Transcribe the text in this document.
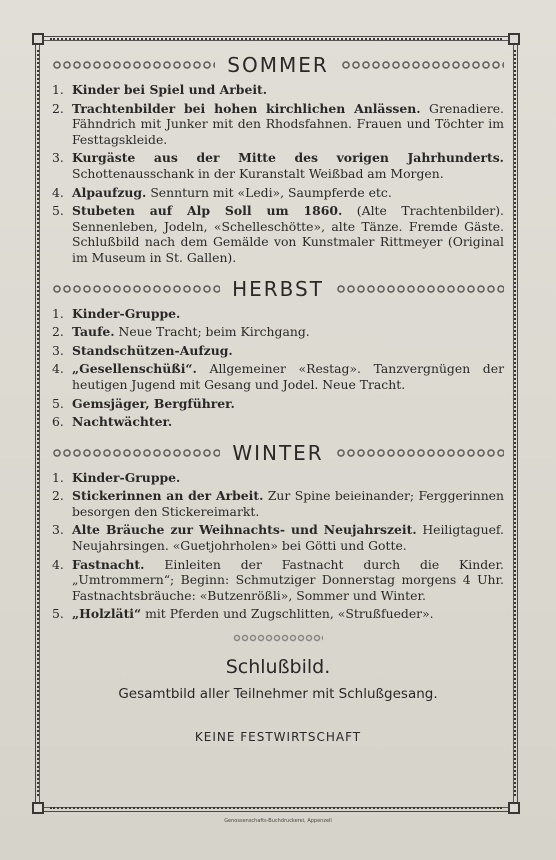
SOMMER
1. Kinder bei Spiel und Arbeit.
2. Trachtenbilder bei hohen kirchlichen Anlässen. Grenadiere. Fähndrich mit Junker mit den Rhodsfahnen. Frauen und Töchter im Festtagskleide.
3. Kurgäste aus der Mitte des vorigen Jahrhunderts. Schottenausschank in der Kuranstalt Weißbad am Morgen.
4. Alpaufzug. Sennturn mit «Ledi», Saumpferde etc.
5. Stubeten auf Alp Soll um 1860. (Alte Trachtenbilder). Sennenleben, Jodeln, «Schelleschötte», alte Tänze. Fremde Gäste. Schlußbild nach dem Gemälde von Kunstmaler Rittmeyer (Original im Museum in St. Gallen).
HERBST
1. Kinder-Gruppe.
2. Taufe. Neue Tracht; beim Kirchgang.
3. Standschützen-Aufzug.
4. „Gesellenschüßi“. Allgemeiner «Restag». Tanzvergnügen der heutigen Jugend mit Gesang und Jodel. Neue Tracht.
5. Gemsjäger, Bergführer.
6. Nachtwächter.
WINTER
1. Kinder-Gruppe.
2. Stickerinnen an der Arbeit. Zur Spine beieinander; Ferggerinnen besorgen den Stickereimarkt.
3. Alte Bräuche zur Weihnachts- und Neujahrszeit. Heiligtaguef. Neujahrsingen. «Guetjohrholen» bei Götti und Gotte.
4. Fastnacht. Einleiten der Fastnacht durch die Kinder. „Umtrommern“; Beginn: Schmutziger Donnerstag morgens 4 Uhr. Fastnachtsbräuche: «Butzenrößli», Sommer und Winter.
5. „Holzläti“ mit Pferden und Zugschlitten, «Strußfueder».
Schlußbild.
Gesamtbild aller Teilnehmer mit Schlußgesang.
KEINE FESTWIRTSCHAFT
Genossenschafts-Buchdruckerei, Appenzell
